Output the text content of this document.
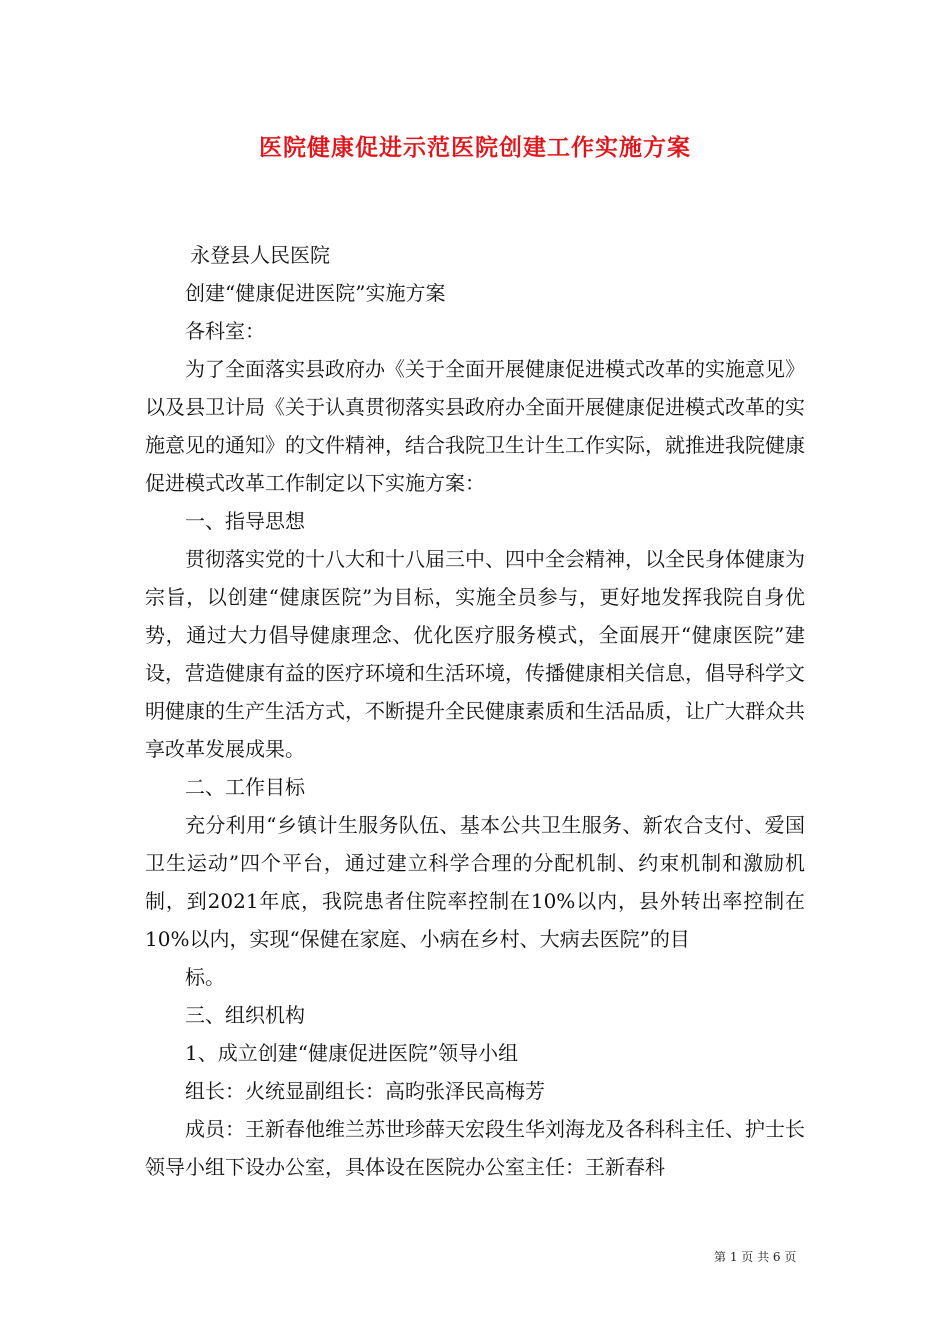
医院健康促进示范医院创建工作实施方案

永登县人民医院

创建“健康促进医院”实施方案

各科室：

为了全面落实县政府办《关于全面开展健康促进模式改革的实施意见》以及县卫计局《关于认真贯彻落实县政府办全面开展健康促进模式改革的实施意见的通知》的文件精神，结合我院卫生计生工作实际，就推进我院健康促进模式改革工作制定以下实施方案：

一、指导思想

贯彻落实党的十八大和十八届三中、四中全会精神，以全民身体健康为宗旨，以创建“健康医院”为目标，实施全员参与，更好地发挥我院自身优势，通过大力倡导健康理念、优化医疗服务模式，全面展开“健康医院”建设，营造健康有益的医疗环境和生活环境，传播健康相关信息，倡导科学文明健康的生产生活方式，不断提升全民健康素质和生活品质，让广大群众共享改革发展成果。

二、工作目标

充分利用“乡镇计生服务队伍、基本公共卫生服务、新农合支付、爱国卫生运动”四个平台，通过建立科学合理的分配机制、约束机制和激励机制，到2021年底，我院患者住院率控制在10%以内，县外转出率控制在10%以内，实现“保健在家庭、小病在乡村、大病去医院”的目

标。

三、组织机构

1、成立创建“健康促进医院”领导小组

组长：火统显副组长：高昀张泽民高梅芳

成员：王新春他维兰苏世珍薛天宏段生华刘海龙及各科科主任、护士长领导小组下设办公室，具体设在医院办公室主任：王新春科

第 1 页 共 6 页
